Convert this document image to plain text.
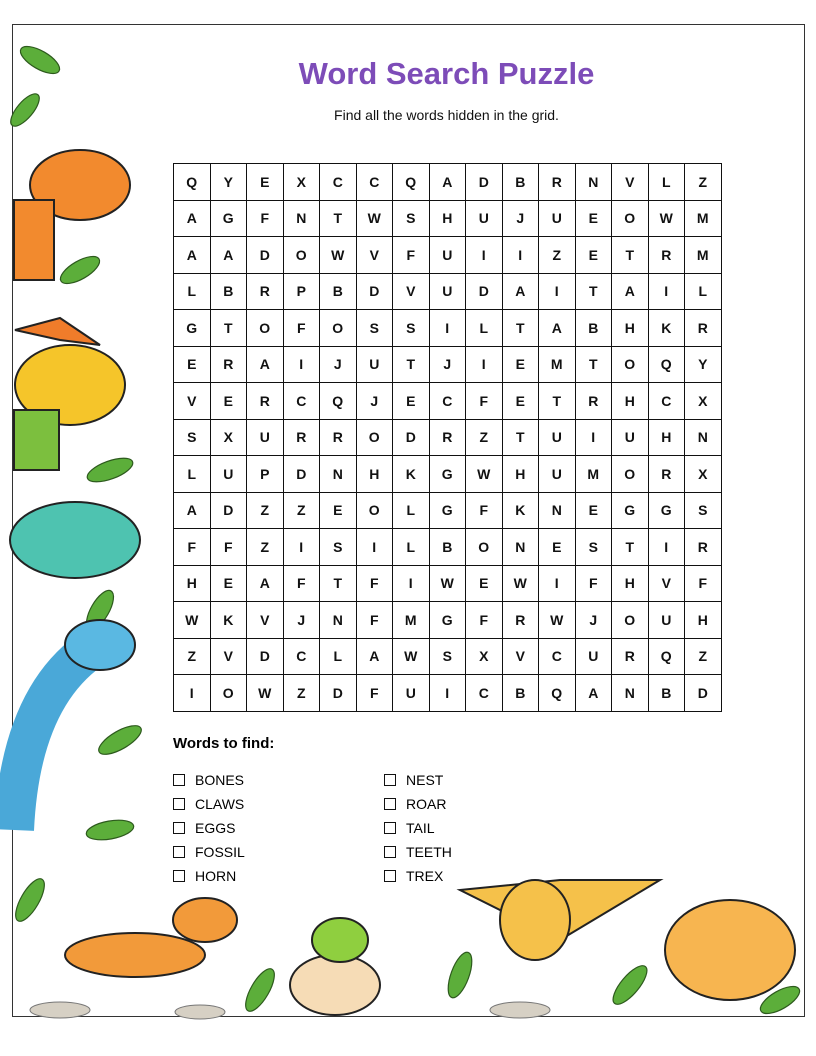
Word Search Puzzle
Find all the words hidden in the grid.
Q	Y	E	X	C	C	Q	A	D	B	R	N	V	L	Z
A	G	F	N	T	W	S	H	U	J	U	E	O	W	M
A	A	D	O	W	V	F	U	I	I	Z	E	T	R	M
L	B	R	P	B	D	V	U	D	A	I	T	A	I	L
G	T	O	F	O	S	S	I	L	T	A	B	H	K	R
E	R	A	I	J	U	T	J	I	E	M	T	O	Q	Y
V	E	R	C	Q	J	E	C	F	E	T	R	H	C	X
S	X	U	R	R	O	D	R	Z	T	U	I	U	H	N
L	U	P	D	N	H	K	G	W	H	U	M	O	R	X
A	D	Z	Z	E	O	L	G	F	K	N	E	G	G	S
F	F	Z	I	S	I	L	B	O	N	E	S	T	I	R
H	E	A	F	T	F	I	W	E	W	I	F	H	V	F
W	K	V	J	N	F	M	G	F	R	W	J	O	U	H
Z	V	D	C	L	A	W	S	X	V	C	U	R	Q	Z
I	O	W	Z	D	F	U	I	C	B	Q	A	N	B	D
Words to find:
BONES
CLAWS
EGGS
FOSSIL
HORN
NEST
ROAR
TAIL
TEETH
TREX
